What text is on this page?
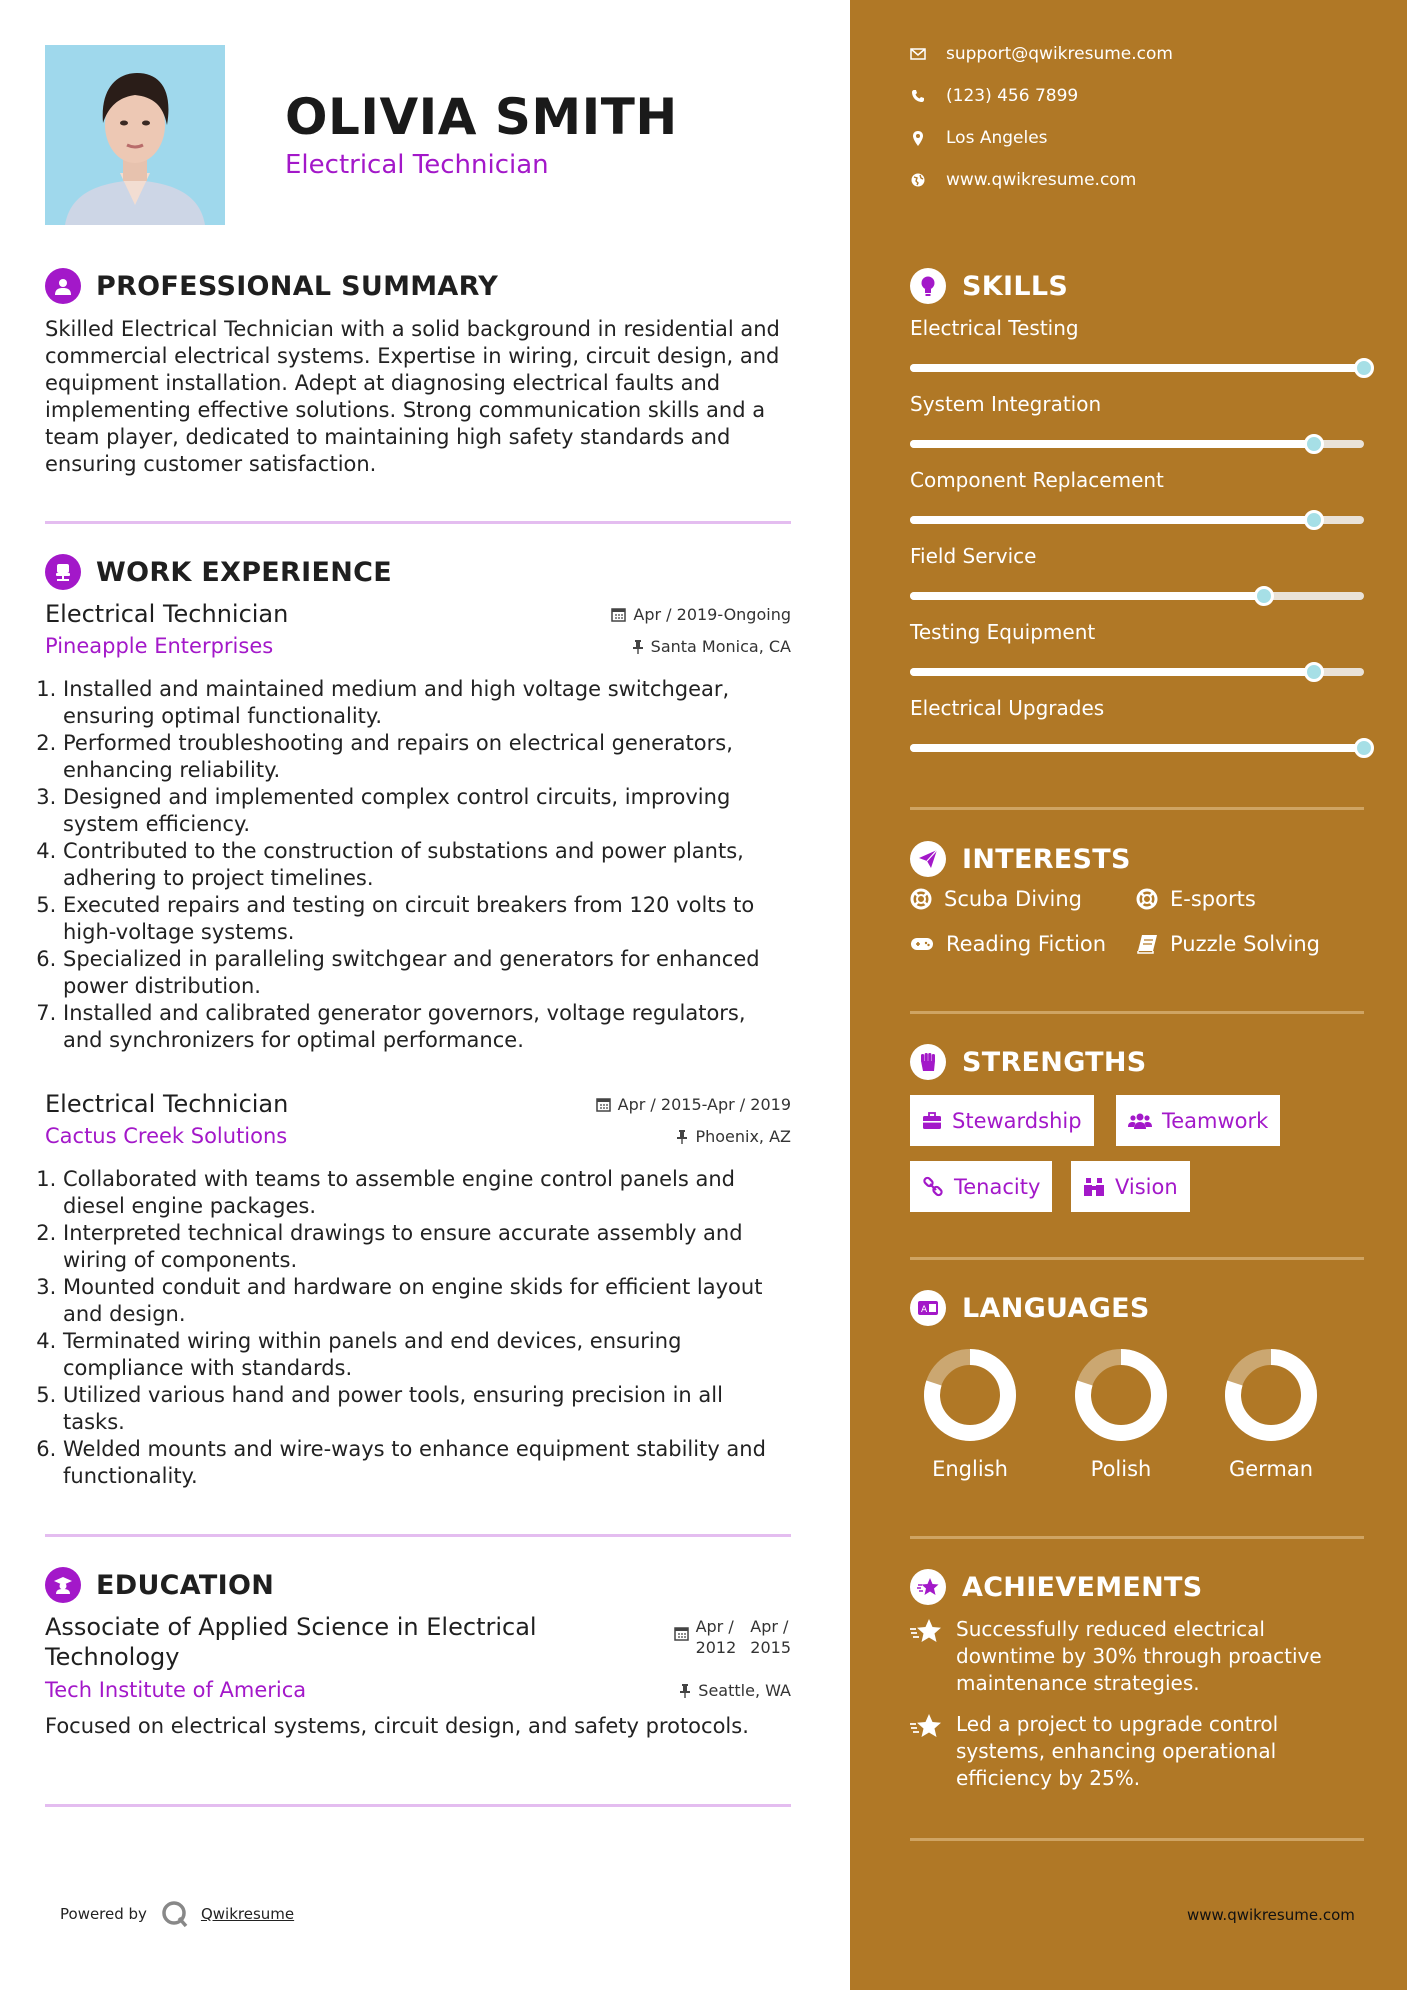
OLIVIA SMITH
Electrical Technician
PROFESSIONAL SUMMARY
Skilled Electrical Technician with a solid background in residential and commercial electrical systems. Expertise in wiring, circuit design, and equipment installation. Adept at diagnosing electrical faults and implementing effective solutions. Strong communication skills and a team player, dedicated to maintaining high safety standards and ensuring customer satisfaction.
WORK EXPERIENCE
Electrical Technician	Apr / 2019-Ongoing
Pineapple Enterprises	Santa Monica, CA
1. Installed and maintained medium and high voltage switchgear, ensuring optimal functionality.
2. Performed troubleshooting and repairs on electrical generators, enhancing reliability.
3. Designed and implemented complex control circuits, improving system efficiency.
4. Contributed to the construction of substations and power plants, adhering to project timelines.
5. Executed repairs and testing on circuit breakers from 120 volts to high-voltage systems.
6. Specialized in paralleling switchgear and generators for enhanced power distribution.
7. Installed and calibrated generator governors, voltage regulators, and synchronizers for optimal performance.
Electrical Technician	Apr / 2015-Apr / 2019
Cactus Creek Solutions	Phoenix, AZ
1. Collaborated with teams to assemble engine control panels and diesel engine packages.
2. Interpreted technical drawings to ensure accurate assembly and wiring of components.
3. Mounted conduit and hardware on engine skids for efficient layout and design.
4. Terminated wiring within panels and end devices, ensuring compliance with standards.
5. Utilized various hand and power tools, ensuring precision in all tasks.
6. Welded mounts and wire-ways to enhance equipment stability and functionality.
EDUCATION
Associate of Applied Science in Electrical Technology
Apr /
2012
Apr /
2015
Tech Institute of America	Seattle, WA
Focused on electrical systems, circuit design, and safety protocols.
Powered by	Qwikresume
support@qwikresume.com
(123) 456 7899
Los Angeles
www.qwikresume.com
SKILLS
Electrical Testing
System Integration
Component Replacement
Field Service
Testing Equipment
Electrical Upgrades
INTERESTS
Scuba Diving	E-sports
Reading Fiction	Puzzle Solving
STRENGTHS
Stewardship	Teamwork
Tenacity	Vision
A LANGUAGES
English	Polish	German
ACHIEVEMENTS
Successfully reduced electrical downtime by 30% through proactive maintenance strategies.
Led a project to upgrade control systems, enhancing operational efficiency by 25%.
www.qwikresume.com
